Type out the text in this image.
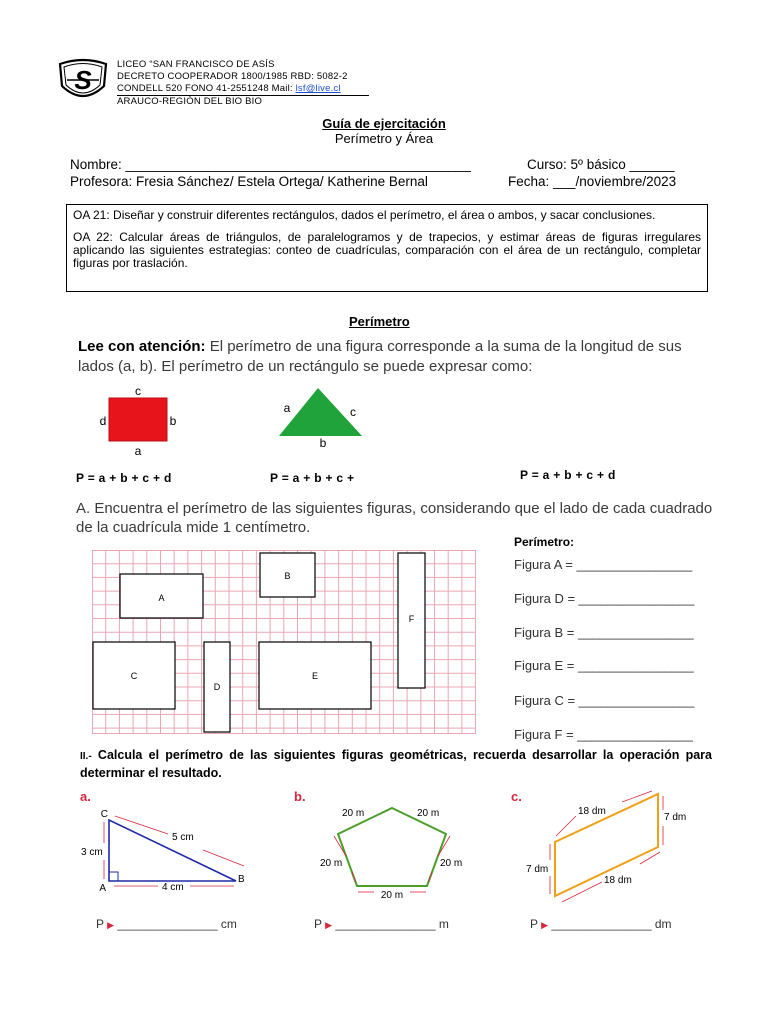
S
LICEO “SAN FRANCISCO DE ASÍS
DECRETO COOPERADOR 1800/1985 RBD: 5082-2
CONDELL 520 FONO 41-2551248 Mail: lsf@live.cl
ARAUCO-REGIÓN DEL BIO BIO
Guía de ejercitación
Perímetro y Área
Nombre: ______________________________________________	Curso: 5º básico ______
Profesora: Fresia Sánchez/ Estela Ortega/ Katherine Bernal	Fecha: ___/noviembre/2023

OA 21: Diseñar y construir diferentes rectángulos, dados el perímetro, el área o ambos, y sacar conclusiones.

OA 22: Calcular áreas de triángulos, de paralelogramos y de trapecios, y estimar áreas de figuras irregulares aplicando las siguientes estrategias: conteo de cuadrículas, comparación con el área de un rectángulo, completar figuras por traslación.

Perímetro
Lee con atención: El perímetro de una figura corresponde a la suma de la longitud de sus lados (a, b). El perímetro de un rectángulo se puede expresar como:
c
d	b
a
a	c
b
P = a + b + c + d	P = a + b + c +	P = a + b + c + d
A. Encuentra el perímetro de las siguientes figuras, considerando que el lado de cada cuadrado de la cuadrícula mide 1 centímetro.
A
B
F
C
D
E
Perímetro:
Figura A = ________________
Figura D = ________________
Figura B = ________________
Figura E = ________________
Figura C = ________________
Figura F = ________________
II.- Calcula el perímetro de las siguientes figuras geométricas, recuerda desarrollar la operación para determinar el resultado.
a.
C
A
B
3 cm
5 cm
4 cm
P ▶ _______________ cm
b.
20 m	20 m
20 m	20 m
20 m
P ▶ _______________ m
c.
18 dm
18 dm
7 dm
7 dm
P ▶ _______________ dm
